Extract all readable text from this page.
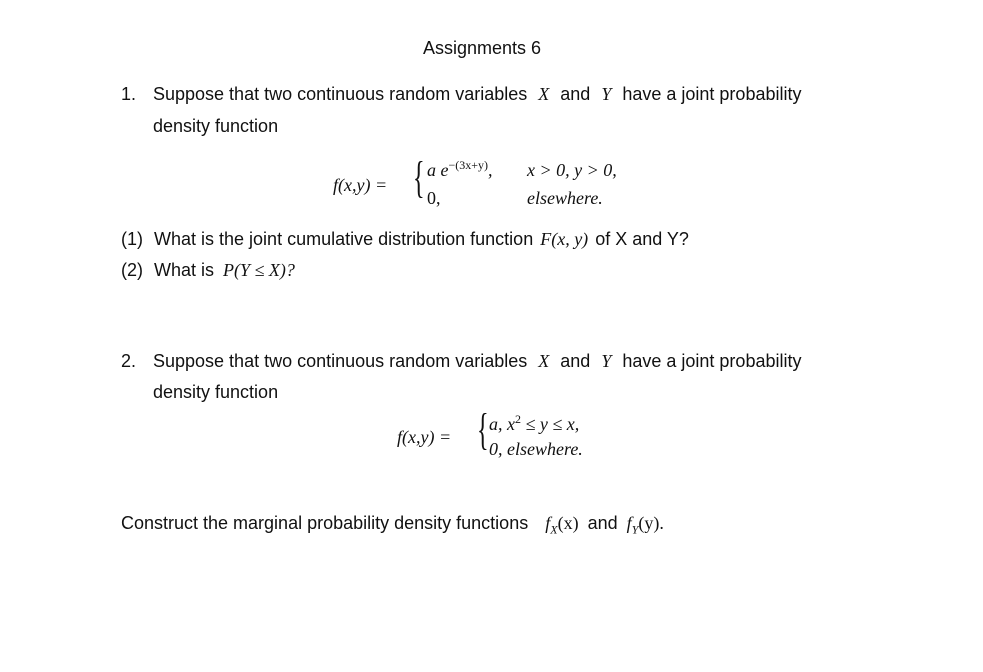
Assignments 6
1. Suppose that two continuous random variables X and Y have a joint probability
density function
f(x,y) = { a $e^{-(3x+y)}$, x > 0, y > 0,
0,	elsewhere.
(1) What is the joint cumulative distribution function F(x, y) of X and Y?
(2) What is P(Y ≤ X)?
2. Suppose that two continuous random variables X and Y have a joint probability
density function
f(x,y) = { a, $x^2 \le y \le x$,
0, elsewhere.
Construct the marginal probability density functions $f_X(x)$ and $f_Y(y)$.
